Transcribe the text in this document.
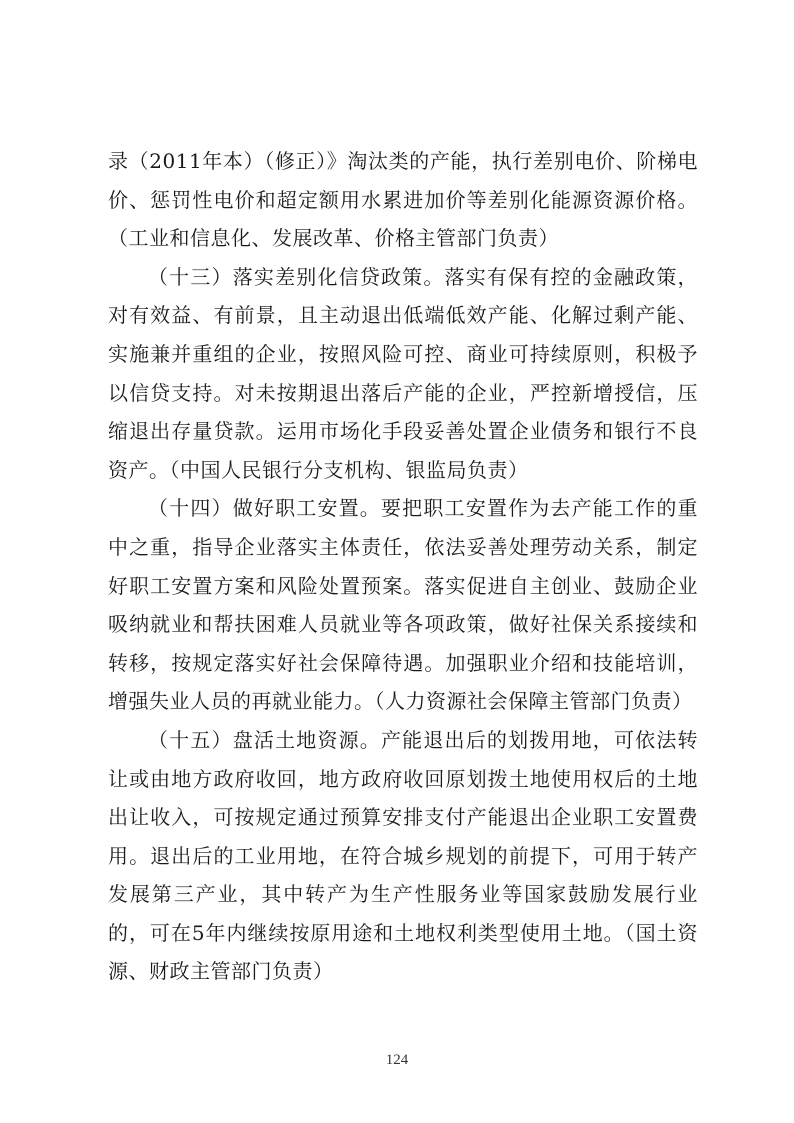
录（2011年本）（修正）》淘汰类的产能，执行差别电价、阶梯电价、惩罚性电价和超定额用水累进加价等差别化能源资源价格。（工业和信息化、发展改革、价格主管部门负责）

（十三）落实差别化信贷政策。落实有保有控的金融政策，对有效益、有前景，且主动退出低端低效产能、化解过剩产能、实施兼并重组的企业，按照风险可控、商业可持续原则，积极予以信贷支持。对未按期退出落后产能的企业，严控新增授信，压缩退出存量贷款。运用市场化手段妥善处置企业债务和银行不良资产。（中国人民银行分支机构、银监局负责）

（十四）做好职工安置。要把职工安置作为去产能工作的重中之重，指导企业落实主体责任，依法妥善处理劳动关系，制定好职工安置方案和风险处置预案。落实促进自主创业、鼓励企业吸纳就业和帮扶困难人员就业等各项政策，做好社保关系接续和转移，按规定落实好社会保障待遇。加强职业介绍和技能培训，增强失业人员的再就业能力。（人力资源社会保障主管部门负责）

（十五）盘活土地资源。产能退出后的划拨用地，可依法转让或由地方政府收回，地方政府收回原划拨土地使用权后的土地出让收入，可按规定通过预算安排支付产能退出企业职工安置费用。退出后的工业用地，在符合城乡规划的前提下，可用于转产发展第三产业，其中转产为生产性服务业等国家鼓励发展行业的，可在5年内继续按原用途和土地权利类型使用土地。（国土资源、财政主管部门负责）

124
